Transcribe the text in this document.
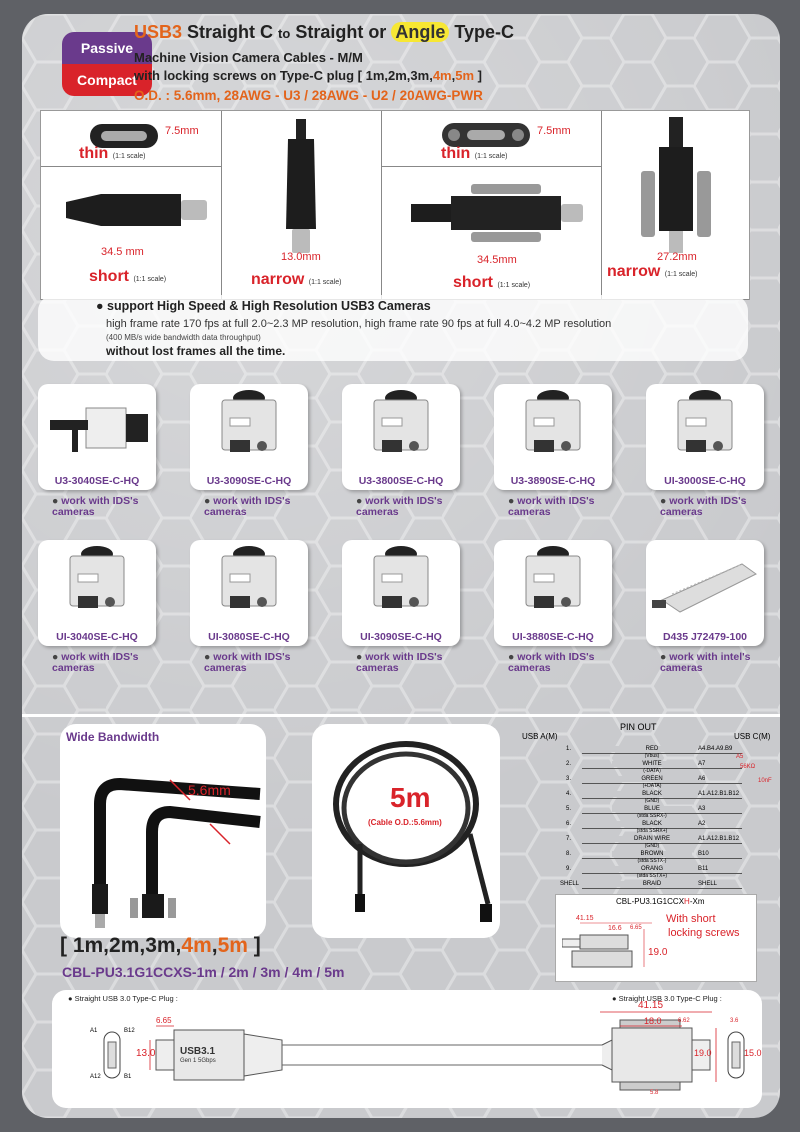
Passive
Compact
USB3 Straight C to Straight or Angle Type-C
Machine Vision Camera Cables - M/M
with locking screws on Type-C plug [ 1m,2m,3m,4m,5m ]
O.D. : 5.6mm, 28AWG - U3 / 28AWG - U2 / 20AWG-PWR
7.5mm
thin (1:1 scale)
34.5 mm
short (1:1 scale)
13.0mm
narrow (1:1 scale)
7.5mm
thin (1:1 scale)
34.5mm
short (1:1 scale)
27.2mm
narrow (1:1 scale)
● support High Speed & High Resolution USB3 Cameras
high frame rate 170 fps at full 2.0~2.3 MP resolution, high frame rate 90 fps at full 4.0~4.2 MP resolution
(400 MB/s wide bandwidth data throughput)
without lost frames all the time.
U3-3040SE-C-HQ
● work with IDS's
cameras
U3-3090SE-C-HQ
● work with IDS's
cameras
U3-3800SE-C-HQ
● work with IDS's
cameras
U3-3890SE-C-HQ
● work with IDS's
cameras
UI-3000SE-C-HQ
● work with IDS's
cameras
UI-3040SE-C-HQ
● work with IDS's
cameras
UI-3080SE-C-HQ
● work with IDS's
cameras
UI-3090SE-C-HQ
● work with IDS's
cameras
UI-3880SE-C-HQ
● work with IDS's
cameras
D435 J72479-100
● work with intel's
cameras
Wide Bandwidth
5.6mm	5m
(Cable O.D.:5.6mm)
[ 1m,2m,3m,4m,5m ]
CBL-PU3.1G1CCXS-1m / 2m / 3m / 4m / 5m
PIN OUT
USB A(M)	USB C(M)
1.	RED
(Vbus)
A4.B4.A9.B9
2.	WHITE
(-DATA)
A7
3.	GREEN
(+DATA)
A6
4.	BLACK
(GND)
A1.A12.B1.B12
5.	BLUE
(stda SSRX-)
A3
6.	BLACK
(stda SSRX+)
A2
7.	DRAIN WIRE
(GND)
A1.A12.B1.B12
8.	BROWN
(stda SSTX-)
B10
9.	ORANG
(stda SSTX+)
B11
SHELL	BRAID	SHELL
A5
56KΩ
10nF
CBL-PU3.1G1CCXH-Xm
With short
locking screws
41.15
16.6 6.65
19.0
● Straight USB 3.0 Type-C Plug :	● Straight USB 3.0 Type-C Plug :
USB3.1
Gen 1 5Gbps
A1
A12
B12
B1
6.65
13.0
41.15
18.0	6.62
19.0	15.0
3.6
5.8
